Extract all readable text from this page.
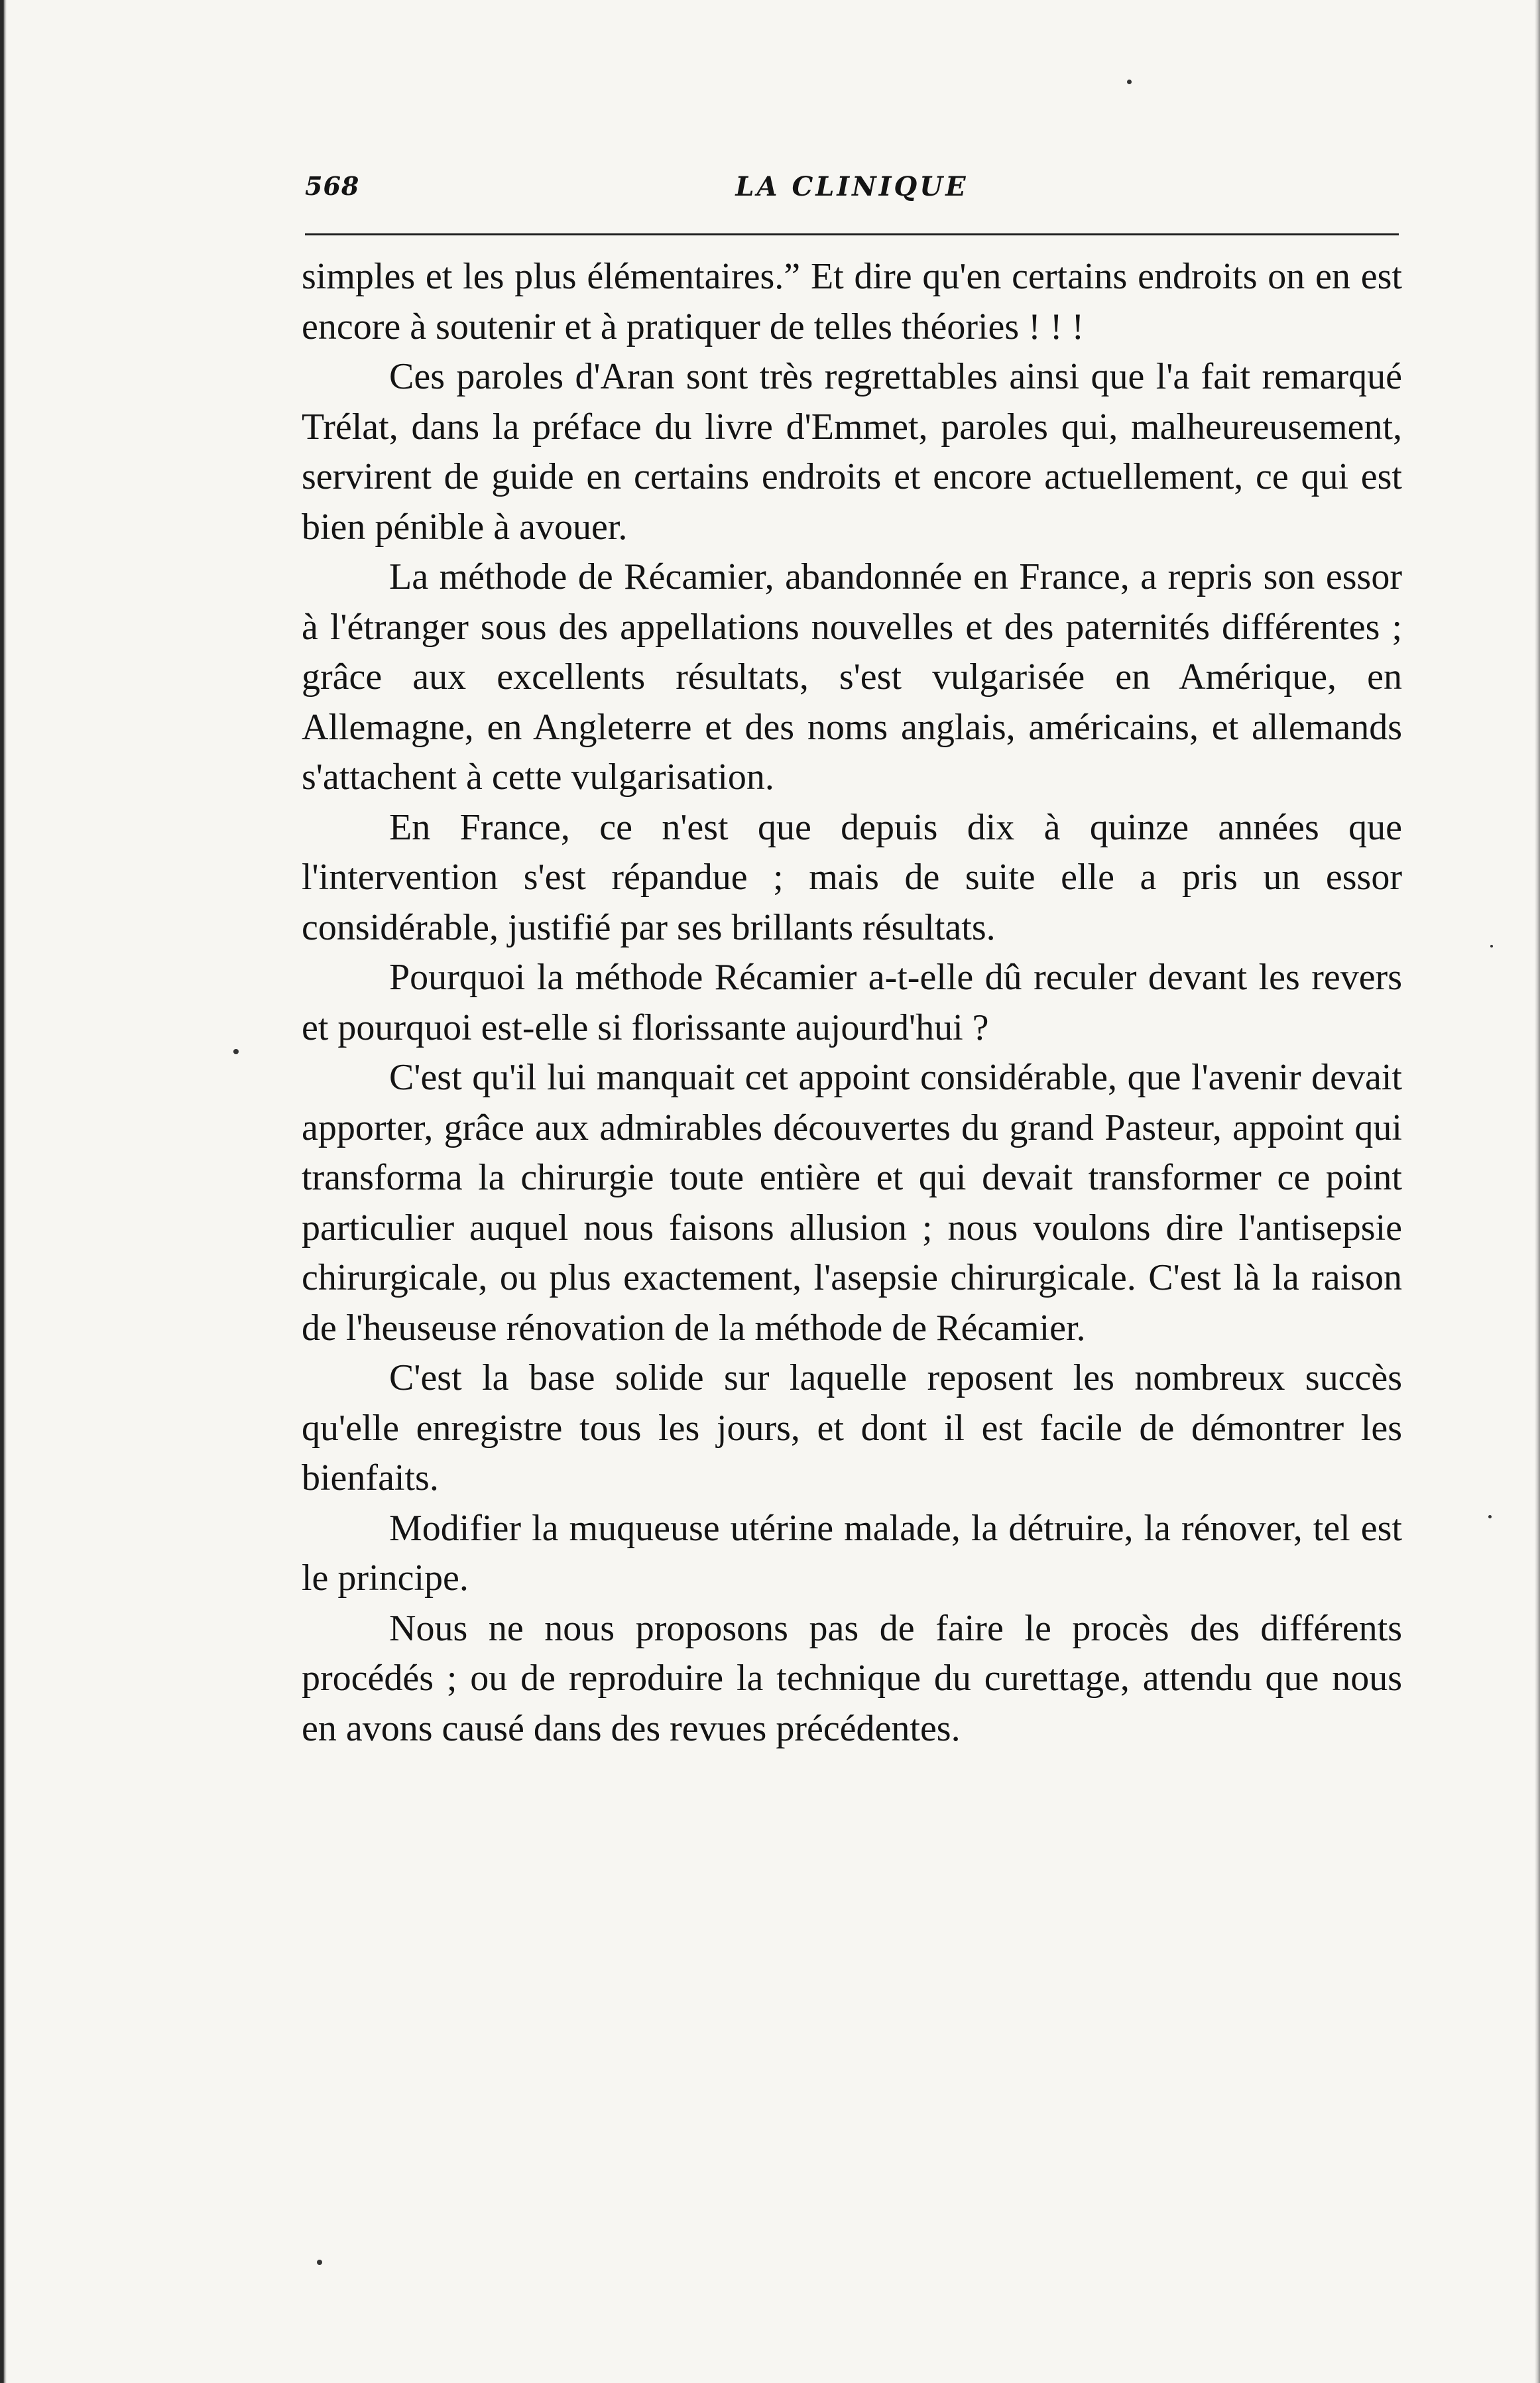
568	LA CLINIQUE

simples et les plus élémentaires.” Et dire qu'en certains endroits on en est encore à soutenir et à pratiquer de telles théories ! ! !

Ces paroles d'Aran sont très regrettables ainsi que l'a fait remarqué Trélat, dans la préface du livre d'Emmet, paroles qui, malheureusement, servirent de guide en certains endroits et encore actuellement, ce qui est bien pénible à avouer.

La méthode de Récamier, abandonnée en France, a repris son essor à l'étranger sous des appellations nouvelles et des paternités différentes ; grâce aux excellents résultats, s'est vulgarisée en Amérique, en Allemagne, en Angleterre et des noms anglais, américains, et allemands s'attachent à cette vulgarisation.

En France, ce n'est que depuis dix à quinze années que l'intervention s'est répandue ; mais de suite elle a pris un essor considérable, justifié par ses brillants résultats.

Pourquoi la méthode Récamier a-t-elle dû reculer devant les revers et pourquoi est-elle si florissante aujourd'hui ?

C'est qu'il lui manquait cet appoint considérable, que l'avenir devait apporter, grâce aux admirables découvertes du grand Pasteur, appoint qui transforma la chirurgie toute entière et qui devait transformer ce point particulier auquel nous faisons allusion ; nous voulons dire l'antisepsie chirurgicale, ou plus exactement, l'asepsie chirurgicale. C'est là la raison de l'heuseuse rénovation de la méthode de Récamier.

C'est la base solide sur laquelle reposent les nombreux succès qu'elle enregistre tous les jours, et dont il est facile de démontrer les bienfaits.

Modifier la muqueuse utérine malade, la détruire, la rénover, tel est le principe.

Nous ne nous proposons pas de faire le procès des différents procédés ; ou de reproduire la technique du curettage, attendu que nous en avons causé dans des revues précédentes.
